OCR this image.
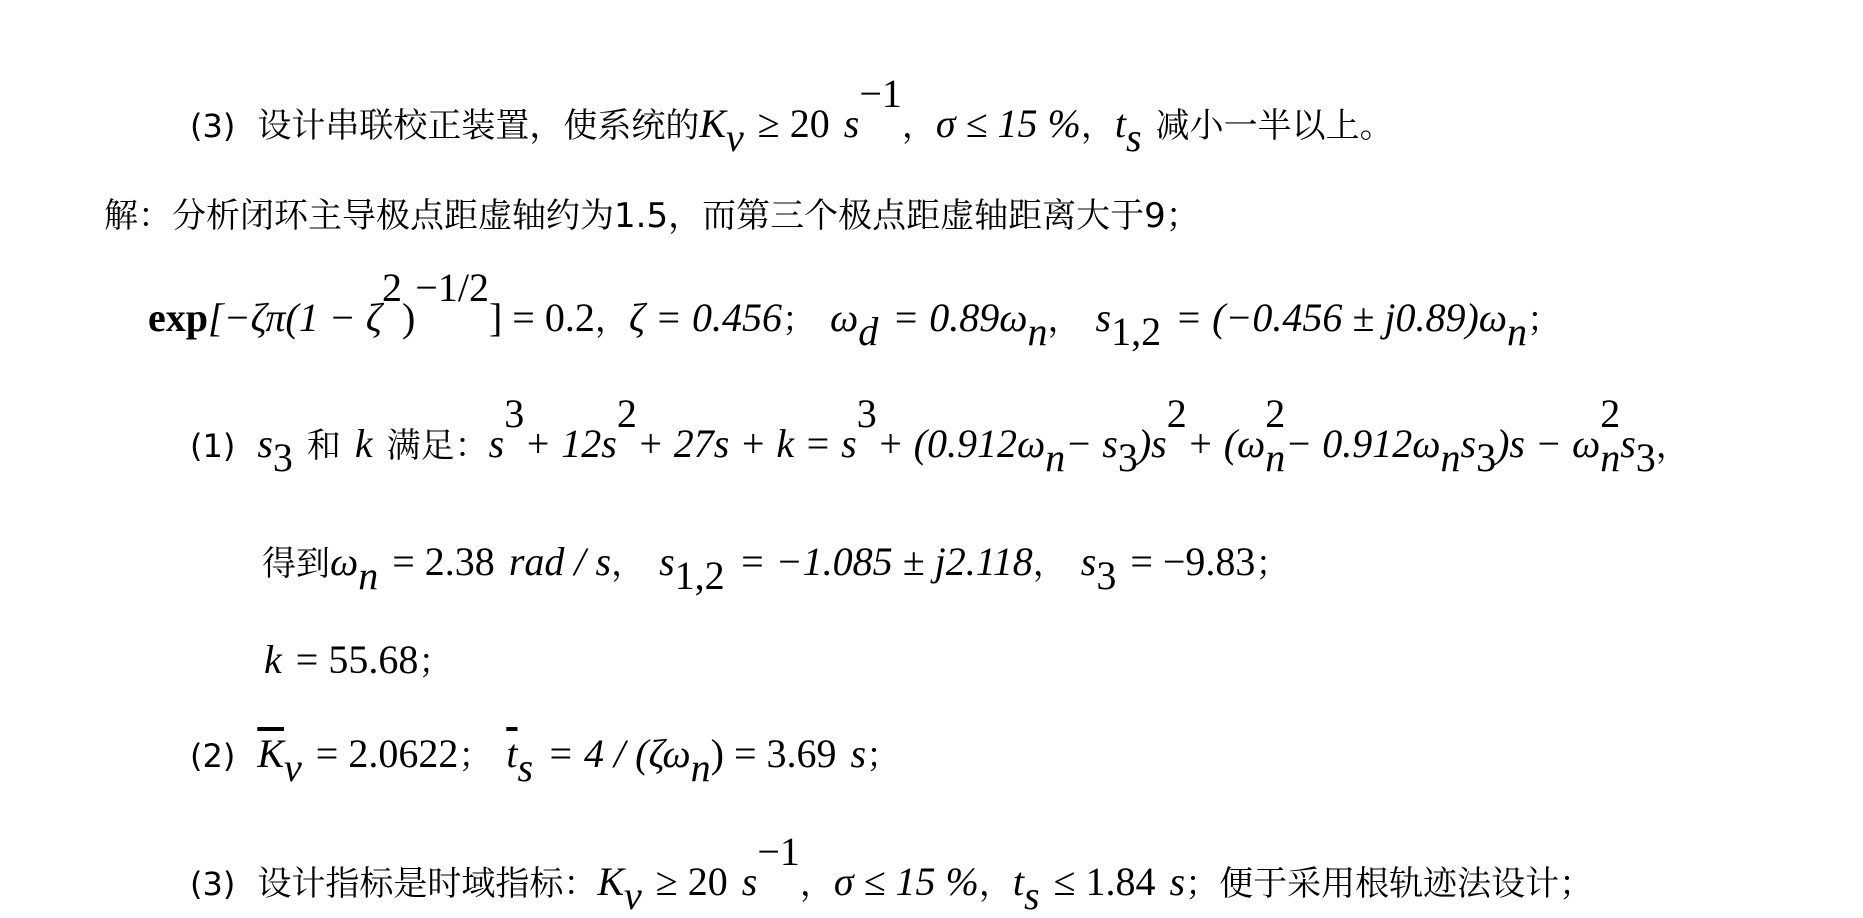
(3) 设计串联校正装置，使系统的$K_v \ge 20$ $s^{-1}$，σ ≤ 15 %，$t_s$ 减小一半以上。
解：分析闭环主导极点距虚轴约为1.5，而第三个极点距虚轴距离大于9；
$\exp[-\zeta\pi(1 - \zeta^2)^{-1/2}] = 0.2$，ζ = 0.456； $\omega_d = 0.89\omega_n$， $s_{1,2} = (-0.456 \pm j0.89)\omega_n$；
(1) $s_3$ 和 k 满足：$s^3+ 12s^2+ 27s + k = s^3+ (0.912\omega_n- s_3)s^2+ (\omega_n^2- 0.912\omega_ns_3)s - \omega_n^2s_3$，
得到$\omega_n = 2.38$ rad / s， $s_{1,2} = -1.085 \pm j2.118$， $s_3 = -9.83$；
k = 55.68；
(2) $\overline{K}_v = 2.0622$； $\overline{t}_s = 4 / (\zeta\omega_n) = 3.69$ s；
(3) 设计指标是时域指标：$K_v \ge 20$ $s^{-1}$，σ ≤ 15 %，$t_s \le 1.84$ s；便于采用根轨迹法设计；
